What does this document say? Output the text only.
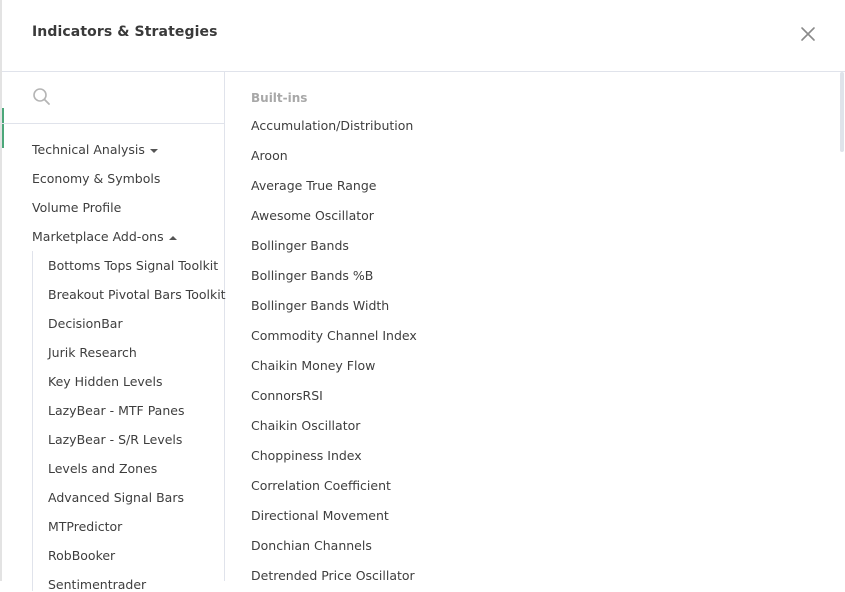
Indicators & Strategies
Technical Analysis
Economy & Symbols
Volume Profile
Marketplace Add-ons
Bottoms Tops Signal Toolkit
Breakout Pivotal Bars Toolkit
DecisionBar
Jurik Research
Key Hidden Levels
LazyBear - MTF Panes
LazyBear - S/R Levels
Levels and Zones
Advanced Signal Bars
MTPredictor
RobBooker
Sentimentrader
Built-ins
Accumulation/Distribution
Aroon
Average True Range
Awesome Oscillator
Bollinger Bands
Bollinger Bands %B
Bollinger Bands Width
Commodity Channel Index
Chaikin Money Flow
ConnorsRSI
Chaikin Oscillator
Choppiness Index
Correlation Coefficient
Directional Movement
Donchian Channels
Detrended Price Oscillator
